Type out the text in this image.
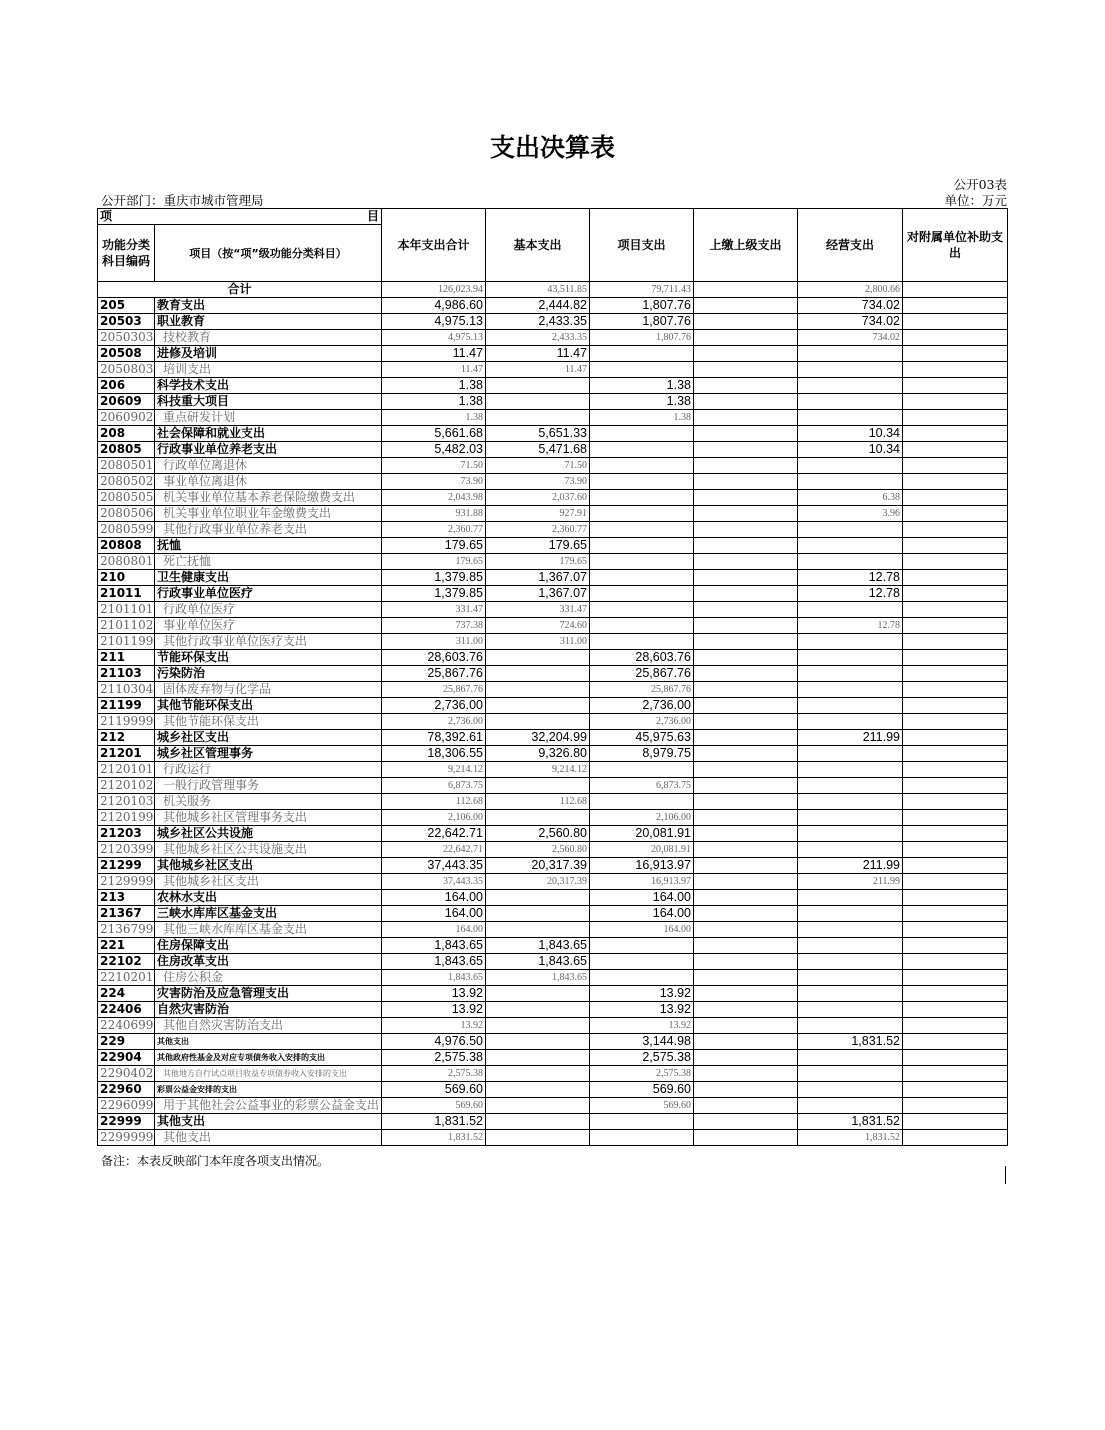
支出决算表
公开03表
公开部门：重庆市城市管理局	单位：万元
项 目		本年支出合计	基本支出	项目支出	上缴上级支出	经营支出	对附属单位补助支出
功能分类科目编码	项目（按“项”级功能分类科目）						
合计		126,023.94	43,511.85	79,711.43		2,800.66	
205	教育支出	4,986.60	2,444.82	1,807.76		734.02	
20503	职业教育	4,975.13	2,433.35	1,807.76		734.02	
2050303	技校教育	4,975.13	2,433.35	1,807.76		734.02	
20508	进修及培训	11.47	11.47				
2050803	培训支出	11.47	11.47				
206	科学技术支出	1.38		1.38			
20609	科技重大项目	1.38		1.38			
2060902	重点研发计划	1.38		1.38			
208	社会保障和就业支出	5,661.68	5,651.33			10.34	
20805	行政事业单位养老支出	5,482.03	5,471.68			10.34	
2080501	行政单位离退休	71.50	71.50				
2080502	事业单位离退休	73.90	73.90				
2080505	机关事业单位基本养老保险缴费支出	2,043.98	2,037.60			6.38	
2080506	机关事业单位职业年金缴费支出	931.88	927.91			3.96	
2080599	其他行政事业单位养老支出	2,360.77	2,360.77				
20808	抚恤	179.65	179.65				
2080801	死亡抚恤	179.65	179.65				
210	卫生健康支出	1,379.85	1,367.07			12.78	
21011	行政事业单位医疗	1,379.85	1,367.07			12.78	
2101101	行政单位医疗	331.47	331.47				
2101102	事业单位医疗	737.38	724.60			12.78	
2101199	其他行政事业单位医疗支出	311.00	311.00				
211	节能环保支出	28,603.76		28,603.76			
21103	污染防治	25,867.76		25,867.76			
2110304	固体废弃物与化学品	25,867.76		25,867.76			
21199	其他节能环保支出	2,736.00		2,736.00			
2119999	其他节能环保支出	2,736.00		2,736.00			
212	城乡社区支出	78,392.61	32,204.99	45,975.63		211.99	
21201	城乡社区管理事务	18,306.55	9,326.80	8,979.75			
2120101	行政运行	9,214.12	9,214.12				
2120102	一般行政管理事务	6,873.75		6,873.75			
2120103	机关服务	112.68	112.68				
2120199	其他城乡社区管理事务支出	2,106.00		2,106.00			
21203	城乡社区公共设施	22,642.71	2,560.80	20,081.91			
2120399	其他城乡社区公共设施支出	22,642.71	2,560.80	20,081.91			
21299	其他城乡社区支出	37,443.35	20,317.39	16,913.97		211.99	
2129999	其他城乡社区支出	37,443.35	20,317.39	16,913.97		211.99	
213	农林水支出	164.00		164.00			
21367	三峡水库库区基金支出	164.00		164.00			
2136799	其他三峡水库库区基金支出	164.00		164.00			
221	住房保障支出	1,843.65	1,843.65				
22102	住房改革支出	1,843.65	1,843.65				
2210201	住房公积金	1,843.65	1,843.65				
224	灾害防治及应急管理支出	13.92		13.92			
22406	自然灾害防治	13.92		13.92			
2240699	其他自然灾害防治支出	13.92		13.92			
229	其他支出	4,976.50		3,144.98		1,831.52	
22904	其他政府性基金及对应专项债务收入安排的支出	2,575.38		2,575.38			
2290402	其他地方自行试点项目收益专项债券收入安排的支出	2,575.38		2,575.38			
22960	彩票公益金安排的支出	569.60		569.60			
2296099	用于其他社会公益事业的彩票公益金支出	569.60		569.60			
22999	其他支出	1,831.52				1,831.52	
2299999	其他支出	1,831.52				1,831.52	
备注：本表反映部门本年度各项支出情况。
